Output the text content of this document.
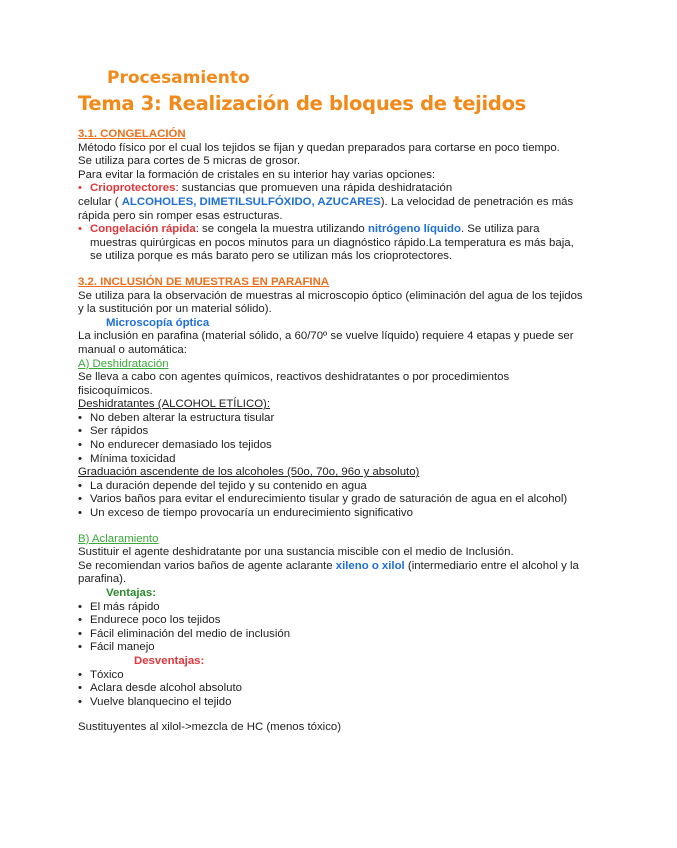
Procesamiento
Tema 3: Realización de bloques de tejidos
3.1. CONGELACIÓN
Método físico por el cual los tejidos se fijan y quedan preparados para cortarse en poco tiempo.
Se utiliza para cortes de 5 micras de grosor.
Para evitar la formación de cristales en su interior hay varias opciones:
• Crioprotectores: sustancias que promueven una rápida deshidratación
celular ( ALCOHOLES, DIMETILSULFÓXIDO, AZUCARES). La velocidad de penetración es más
rápida pero sin romper esas estructuras.
• Congelación rápida: se congela la muestra utilizando nitrógeno líquido. Se utiliza para
muestras quirúrgicas en pocos minutos para un diagnóstico rápido.La temperatura es más baja,
se utiliza porque es más barato pero se utilizan más los crioprotectores.
3.2. INCLUSIÓN DE MUESTRAS EN PARAFINA
Se utiliza para la observación de muestras al microscopio óptico (eliminación del agua de los tejidos
y la sustitución por un material sólido).
Microscopía óptica
La inclusión en parafina (material sólido, a 60/70º se vuelve líquido) requiere 4 etapas y puede ser
manual o automática:
A) Deshidratación
Se lleva a cabo con agentes químicos, reactivos deshidratantes o por procedimientos
fisicoquímicos.
Deshidratantes (ALCOHOL ETÍLICO):
• No deben alterar la estructura tisular
• Ser rápidos
• No endurecer demasiado los tejidos
• Mínima toxicidad
Graduación ascendente de los alcoholes (50o, 70o, 96o y absoluto)
• La duración depende del tejido y su contenido en agua
• Varios baños para evitar el endurecimiento tisular y grado de saturación de agua en el alcohol)
• Un exceso de tiempo provocaría un endurecimiento significativo
B) Aclaramiento
Sustituir el agente deshidratante por una sustancia miscible con el medio de Inclusión.
Se recomiendan varios baños de agente aclarante xileno o xilol (intermediario entre el alcohol y la
parafina).
Ventajas:
• El más rápido
• Endurece poco los tejidos
• Fácil eliminación del medio de inclusión
• Fácil manejo
Desventajas:
• Tóxico
• Aclara desde alcohol absoluto
• Vuelve blanquecino el tejido
Sustituyentes al xilol->mezcla de HC (menos tóxico)
